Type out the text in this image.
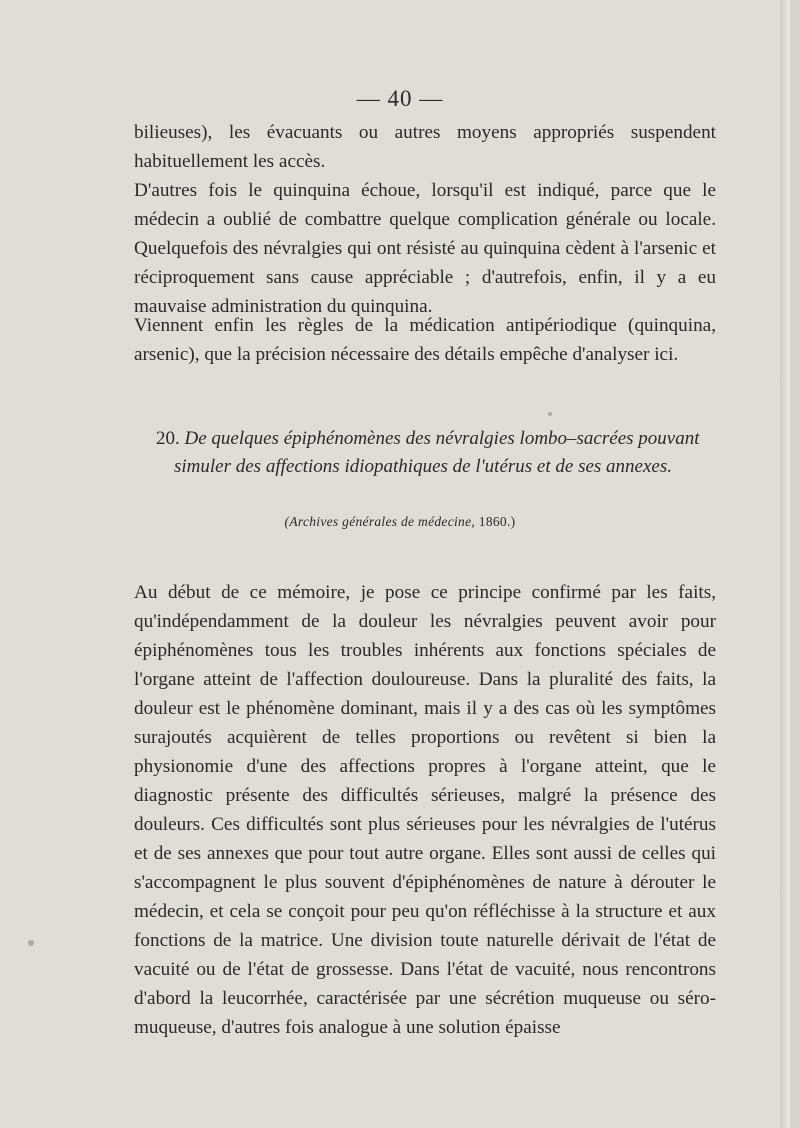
— 40 —

bilieuses), les évacuants ou autres moyens appropriés suspendent habituellement les accès.

D'autres fois le quinquina échoue, lorsqu'il est indiqué, parce que le médecin a oublié de combattre quelque complication générale ou locale. Quelquefois des névralgies qui ont résisté au quinquina cèdent à l'arsenic et réciproquement sans cause appréciable ; d'autrefois, enfin, il y a eu mauvaise administration du quinquina.

Viennent enfin les règles de la médication antipériodique (quinquina, arsenic), que la précision nécessaire des détails empêche d'analyser ici.

20. De quelques épiphénomènes des névralgies lombo–sacrées pouvant
simuler des affections idiopathiques de l'utérus et de ses annexes.
(Archives générales de médecine, 1860.)

Au début de ce mémoire, je pose ce principe confirmé par les faits, qu'indépendamment de la douleur les névralgies peuvent avoir pour épiphénomènes tous les troubles inhérents aux fonctions spéciales de l'organe atteint de l'affection douloureuse. Dans la pluralité des faits, la douleur est le phénomène dominant, mais il y a des cas où les symptômes surajoutés acquièrent de telles proportions ou revêtent si bien la physionomie d'une des affections propres à l'organe atteint, que le diagnostic présente des difficultés sérieuses, malgré la présence des douleurs. Ces difficultés sont plus sérieuses pour les névralgies de l'utérus et de ses annexes que pour tout autre organe. Elles sont aussi de celles qui s'accompagnent le plus souvent d'épiphénomènes de nature à dérouter le médecin, et cela se conçoit pour peu qu'on réfléchisse à la structure et aux fonctions de la matrice. Une division toute naturelle dérivait de l'état de vacuité ou de l'état de grossesse. Dans l'état de vacuité, nous rencontrons d'abord la leucorrhée, caractérisée par une sécrétion muqueuse ou séro-muqueuse, d'autres fois analogue à une solution épaisse
